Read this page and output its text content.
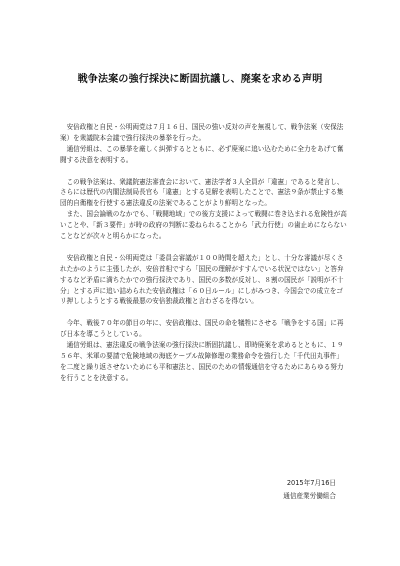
戦争法案の強行採決に断固抗議し、廃案を求める声明

安倍政権と自民・公明両党は７月１６日、国民の強い反対の声を無視して、戦争法案（安保法案）を衆議院本会議で強行採決の暴挙を行った。

通信労組は、この暴挙を厳しく糾弾するとともに、必ず廃案に追い込むために全力をあげて奮闘する決意を表明する。

この戦争法案は、衆議院憲法審査会において、憲法学者３人全員が「違憲」であると発言し、さらには歴代の内閣法制局長官も「違憲」とする見解を表明したことで、憲法９条が禁止する集団的自衛権を行使する憲法違反の法案であることがより鮮明となった。

また、国会論戦のなかでも、「戦闘地域」での後方支援によって戦闘に巻き込まれる危険性が高いことや、「新３要件」が時の政府の判断に委ねられることから「武力行使」の歯止めにならないことなどが次々と明らかになった。

安倍政権と自民・公明両党は「委員会審議が１００時間を超えた」とし、十分な審議が尽くされたかのように主張したが、安倍首相ですら「国民の理解がすすんでいる状況ではない」と答弁するなど矛盾に満ちたかでの強行採決であり、国民の多数が反対し、８割の国民が「説明が不十分」とする声に追い詰められた安倍政権は「６０日ルール」にしがみつき、今国会での成立をゴリ押ししようとする戦後最悪の安倍独裁政権と言わざるを得ない。

今年、戦後７０年の節目の年に、安倍政権は、国民の命を犠牲にさせる「戦争をする国」に再び日本を導こうとしている。

通信労組は、憲法違反の戦争法案の強行採決に断固抗議し、即時廃案を求めるとともに、１９５６年、米軍の要請で危険地域の海底ケーブル故障修理の業務命令を強行した「千代田丸事件」を二度と繰り返させないためにも平和憲法と、国民のための情報通信を守るためにあらゆる努力を行うことを決意する。

2015年7月16日
通信産業労働組合
